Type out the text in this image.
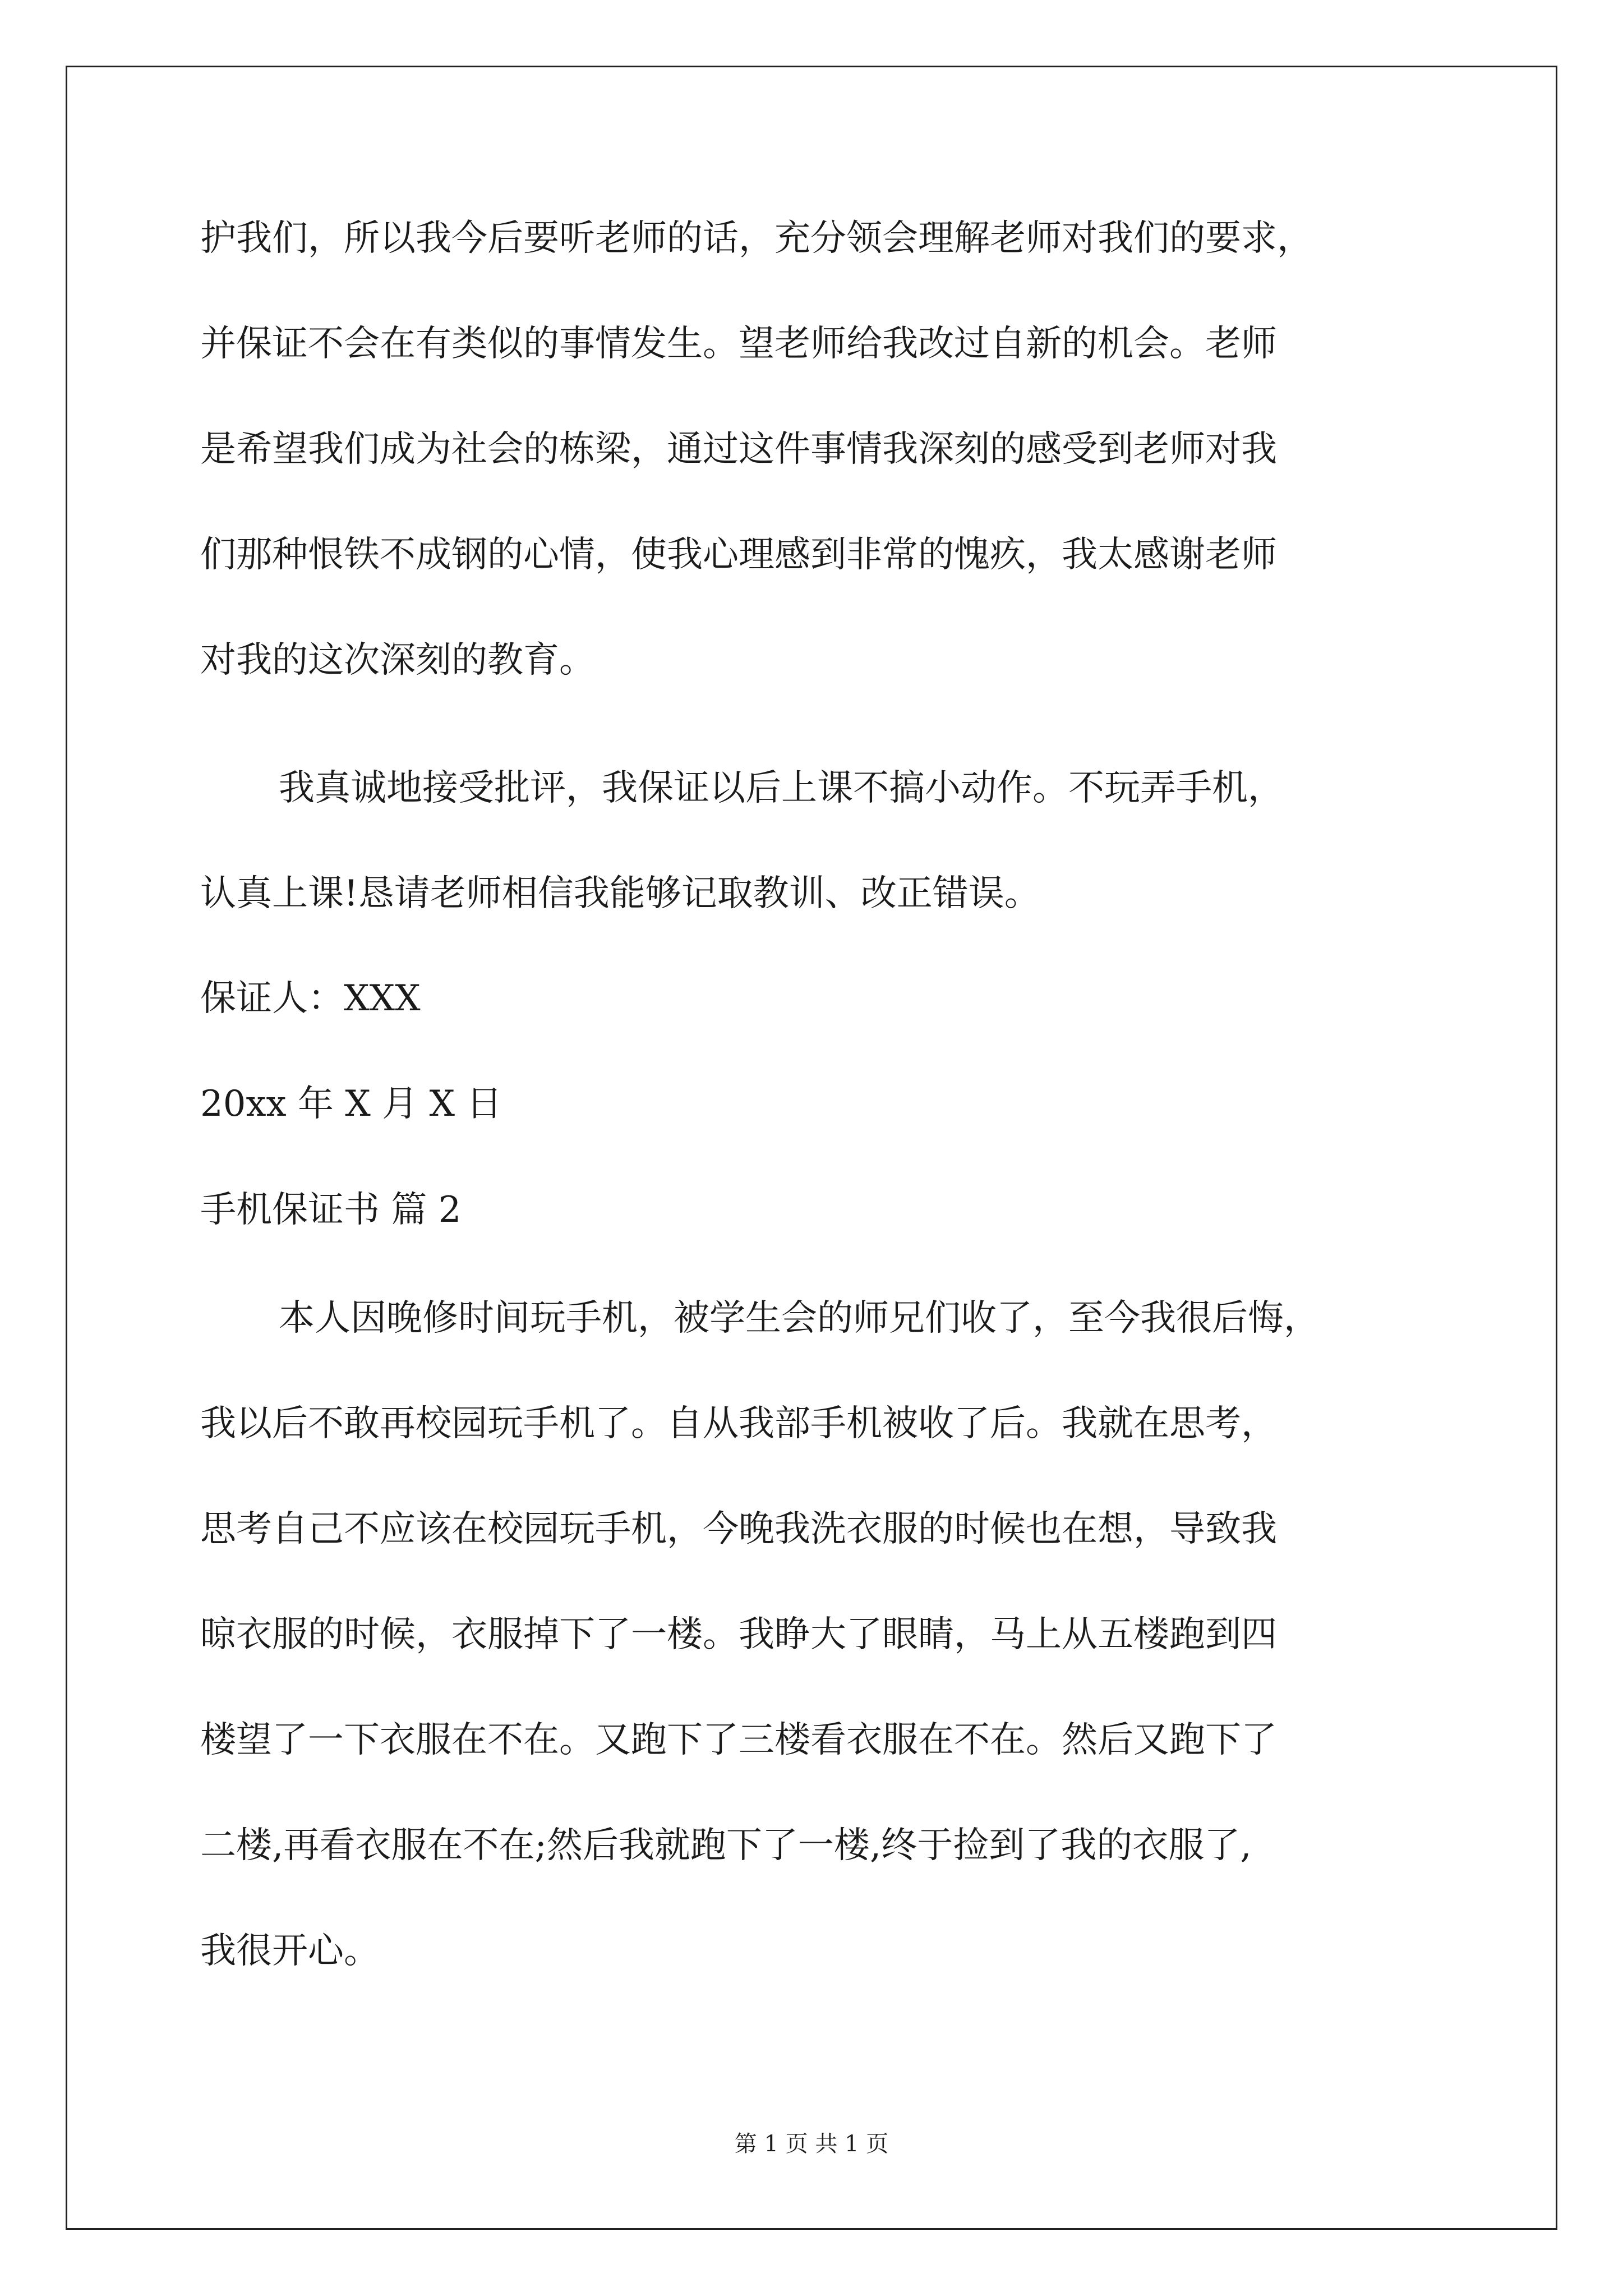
护我们，所以我今后要听老师的话，充分领会理解老师对我们的要求，
并保证不会在有类似的事情发生。望老师给我改过自新的机会。老师
是希望我们成为社会的栋梁，通过这件事情我深刻的感受到老师对我
们那种恨铁不成钢的心情，使我心理感到非常的愧疚，我太感谢老师
对我的这次深刻的教育。
我真诚地接受批评，我保证以后上课不搞小动作。不玩弄手机，
认真上课!恳请老师相信我能够记取教训、改正错误。
保证人：XXX
20xx 年 X 月 X 日
手机保证书 篇 2
本人因晚修时间玩手机，被学生会的师兄们收了，至今我很后悔，
我以后不敢再校园玩手机了。自从我部手机被收了后。我就在思考，
思考自己不应该在校园玩手机，今晚我洗衣服的时候也在想，导致我
晾衣服的时候，衣服掉下了一楼。我睁大了眼睛，马上从五楼跑到四
楼望了一下衣服在不在。又跑下了三楼看衣服在不在。然后又跑下了
二楼,再看衣服在不在;然后我就跑下了一楼,终于捡到了我的衣服了,
我很开心。
第 1 页 共 1 页
